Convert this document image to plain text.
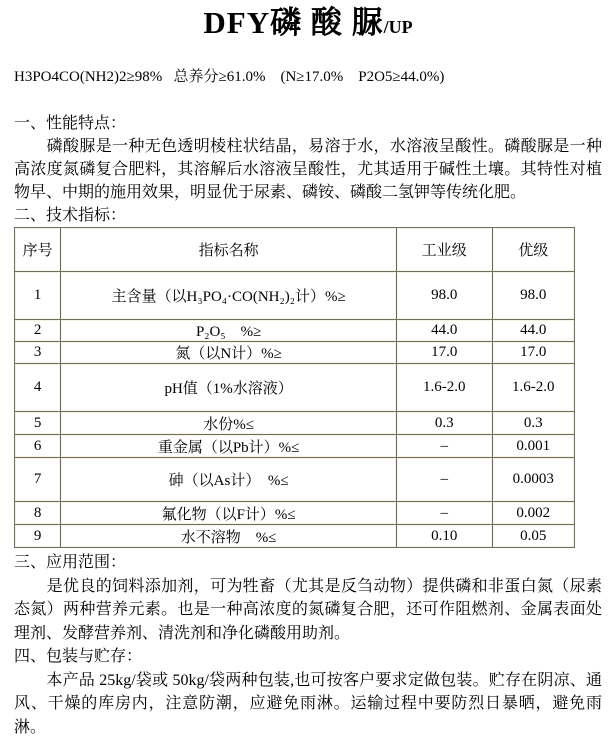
DFY磷 酸 脲/UP
H3PO4CO(NH2)2≥98%   总养分≥61.0%    (N≥17.0%    P2O5≥44.0%)
一、性能特点：

　　磷酸脲是一种无色透明棱柱状结晶，易溶于水，水溶液呈酸性。磷酸脲是一种高浓度氮磷复合肥料，其溶解后水溶液呈酸性，尤其适用于碱性土壤。其特性对植物早、中期的施用效果，明显优于尿素、磷铵、磷酸二氢钾等传统化肥。

二、技术指标：
序号	指标名称	工业级	优级
1	主含量（以H₃PO₄·CO(NH₂)₂计）%≥	98.0	98.0
2	P₂O₅　%≥	44.0	44.0
3	氮（以N计）%≥	17.0	17.0
4	pH值（1%水溶液）	1.6-2.0	1.6-2.0
5	水份%≤	0.3	0.3
6	重金属（以Pb计）%≤	–	0.001
7	砷（以As计）　%≤	–	0.0003
8	氟化物（以F计）%≤	–	0.002
9	水不溶物　%≤	0.10	0.05
三、应用范围：

　　是优良的饲料添加剂，可为牲畜（尤其是反刍动物）提供磷和非蛋白氮（尿素态氮）两种营养元素。也是一种高浓度的氮磷复合肥，还可作阻燃剂、金属表面处理剂、发酵营养剂、清洗剂和净化磷酸用助剂。

四、包装与贮存：

　　本产品 25kg/袋或 50kg/袋两种包装,也可按客户要求定做包装。贮存在阴凉、通风、干燥的库房内，注意防潮，应避免雨淋。运输过程中要防烈日暴晒，避免雨淋。
